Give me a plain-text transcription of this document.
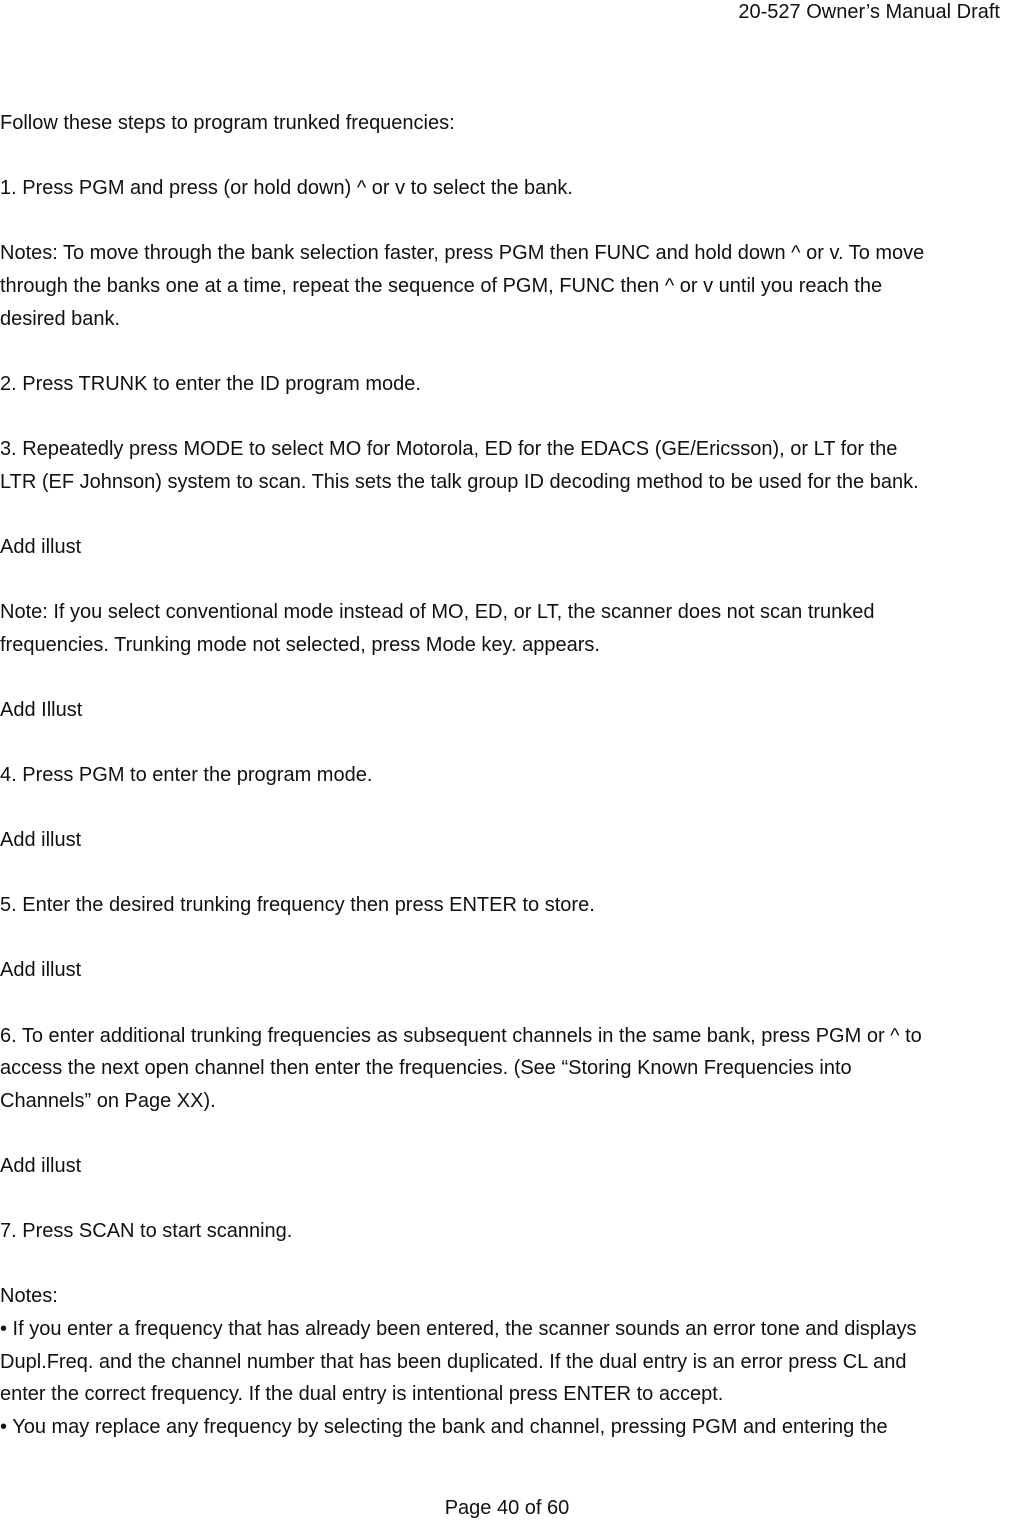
20-527 Owner’s Manual Draft

Follow these steps to program trunked frequencies:

1. Press PGM and press (or hold down) ^ or v to select the bank.

Notes: To move through the bank selection faster, press PGM then FUNC and hold down ^ or v. To move
through the banks one at a time, repeat the sequence of PGM, FUNC then ^ or v until you reach the
desired bank.

2. Press TRUNK to enter the ID program mode.

3. Repeatedly press MODE to select MO for Motorola, ED for the EDACS (GE/Ericsson), or LT for the
LTR (EF Johnson) system to scan. This sets the talk group ID decoding method to be used for the bank.

Add illust

Note: If you select conventional mode instead of MO, ED, or LT, the scanner does not scan trunked
frequencies. Trunking mode not selected, press Mode key. appears.

Add Illust

4. Press PGM to enter the program mode.

Add illust

5. Enter the desired trunking frequency then press ENTER to store.

Add illust

6. To enter additional trunking frequencies as subsequent channels in the same bank, press PGM or ^ to

access the next open channel then enter the frequencies. (See “Storing Known Frequencies into
Channels” on Page XX).

Add illust

7. Press SCAN to start scanning.

Notes:

• If you enter a frequency that has already been entered, the scanner sounds an error tone and displays
Dupl.Freq. and the channel number that has been duplicated. If the dual entry is an error press CL and
enter the correct frequency. If the dual entry is intentional press ENTER to accept.

• You may replace any frequency by selecting the bank and channel, pressing PGM and entering the

Page 40 of 60
